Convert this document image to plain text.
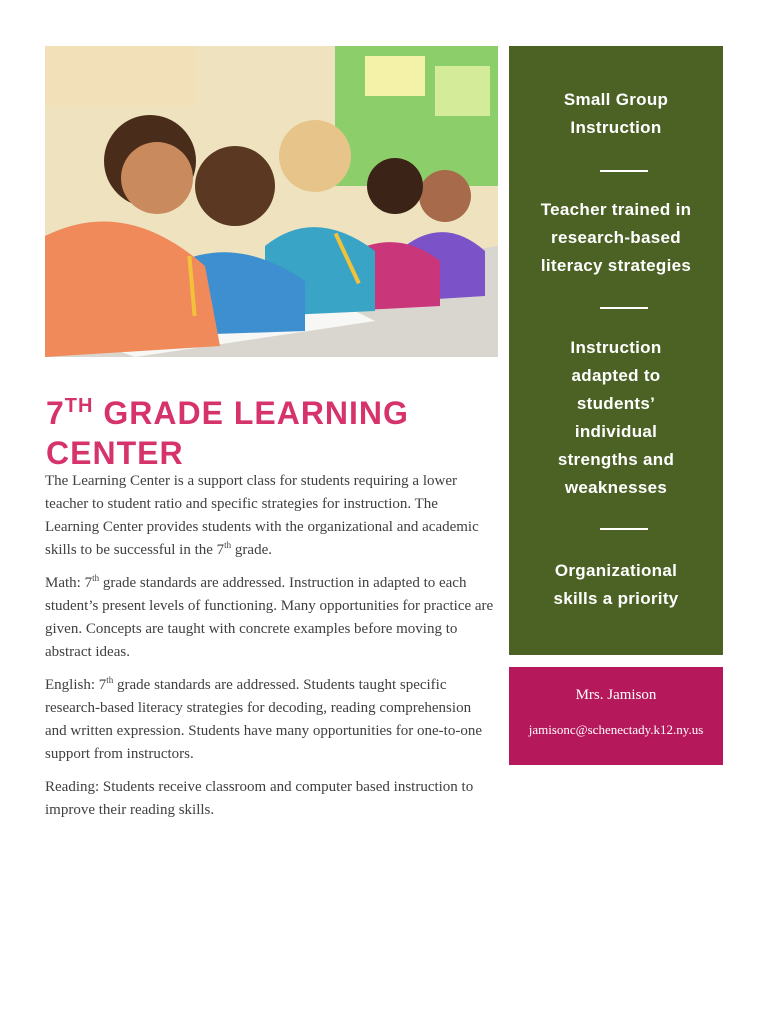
7TH GRADE LEARNING CENTER

The Learning Center is a support class for students requiring a lower teacher to student ratio and specific strategies for instruction. The Learning Center provides students with the organizational and academic skills to be successful in the 7th grade.

Math: 7th grade standards are addressed. Instruction in adapted to each student’s present levels of functioning. Many opportunities for practice are given. Concepts are taught with concrete examples before moving to abstract ideas.

English: 7th grade standards are addressed. Students taught specific research-based literacy strategies for decoding, reading comprehension and written expression. Students have many opportunities for one-to-one support from instructors.

Reading: Students receive classroom and computer based instruction to improve their reading skills.

Small Group Instruction
Teacher trained in research-based literacy strategies
Instruction adapted to students’ individual strengths and weaknesses
Organizational skills a priority
Mrs. Jamison
jamisonc@schenectady.k12.ny.us
